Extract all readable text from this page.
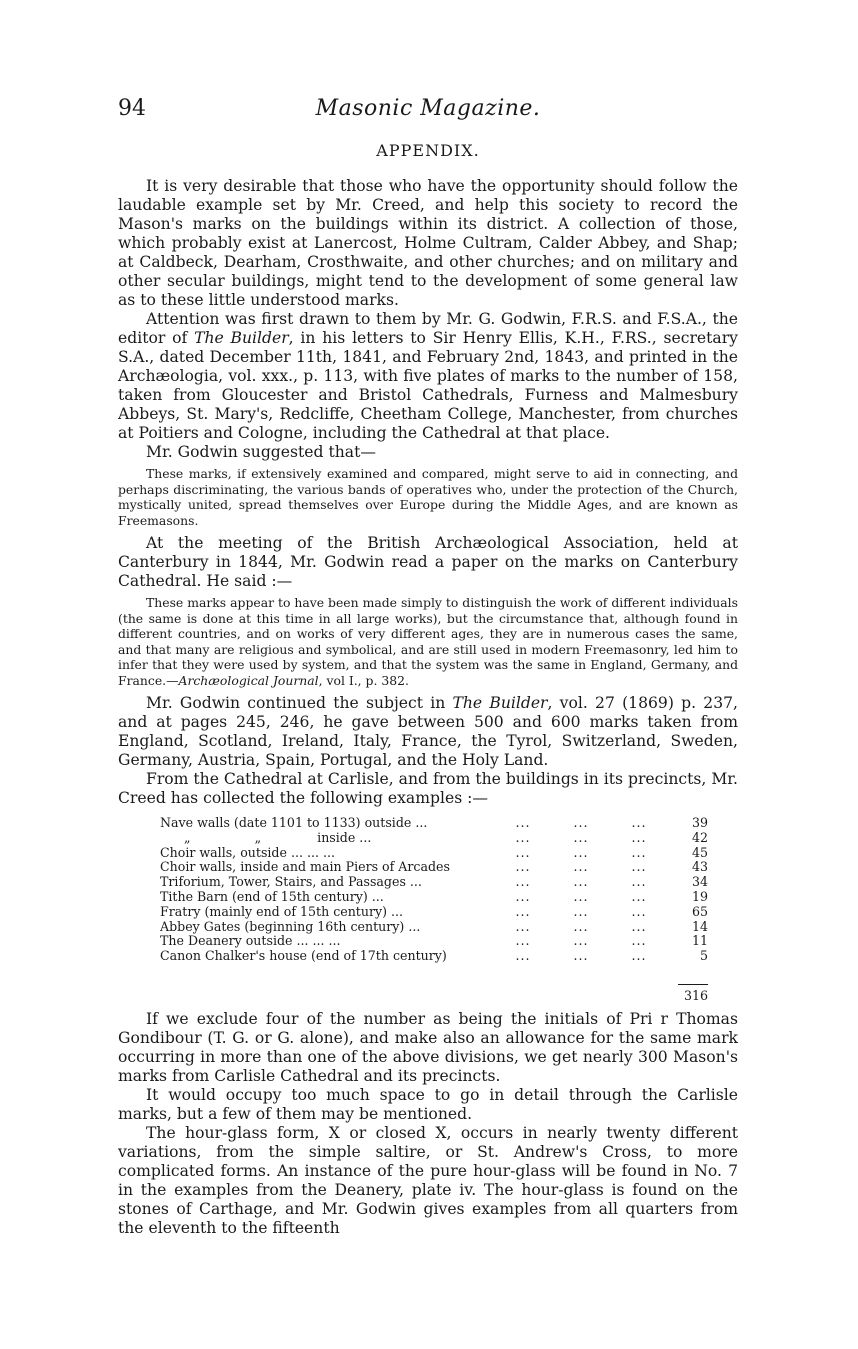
94	Masonic Magazine.
APPENDIX.

It is very desirable that those who have the opportunity should follow the laudable example set by Mr. Creed, and help this society to record the Mason's marks on the buildings within its district. A collection of those, which probably exist at Lanercost, Holme Cultram, Calder Abbey, and Shap; at Caldbeck, Dearham, Crosthwaite, and other churches; and on military and other secular buildings, might tend to the development of some general law as to these little understood marks.

Attention was first drawn to them by Mr. G. Godwin, F.R.S. and F.S.A., the editor of The Builder, in his letters to Sir Henry Ellis, K.H., F.RS., secretary S.A., dated December 11th, 1841, and February 2nd, 1843, and printed in the Archæologia, vol. xxx., p. 113, with five plates of marks to the number of 158, taken from Gloucester and Bristol Cathedrals, Furness and Malmesbury Abbeys, St. Mary's, Redcliffe, Cheetham College, Manchester, from churches at Poitiers and Cologne, including the Cathedral at that place.

Mr. Godwin suggested that—

These marks, if extensively examined and compared, might serve to aid in connecting, and perhaps discriminating, the various bands of operatives who, under the protection of the Church, mystically united, spread themselves over Europe during the Middle Ages, and are known as Freemasons.

At the meeting of the British Archæological Association, held at Canterbury in 1844, Mr. Godwin read a paper on the marks on Canterbury Cathedral. He said :—

These marks appear to have been made simply to distinguish the work of different individuals (the same is done at this time in all large works), but the circumstance that, although found in different countries, and on works of very different ages, they are in numerous cases the same, and that many are religious and symbolical, and are still used in modern Freemasonry, led him to infer that they were used by system, and that the system was the same in England, Germany, and France.—Archæological Journal, vol I., p. 382.

Mr. Godwin continued the subject in The Builder, vol. 27 (1869) p. 237, and at pages 245, 246, he gave between 500 and 600 marks taken from England, Scotland, Ireland, Italy, France, the Tyrol, Switzerland, Sweden, Germany, Austria, Spain, Portugal, and the Holy Land.

From the Cathedral at Carlisle, and from the buildings in its precincts, Mr. Creed has collected the following examples :—

Nave walls (date 1101 to 1133) outside ...	...	...	...	39
„                „              inside ...	...	...	...	42
Choir walls, outside ... ... ...	...	...	...	45
Choir walls, inside and main Piers of Arcades	...	...	...	43
Triforium, Tower, Stairs, and Passages ...	...	...	...	34
Tithe Barn (end of 15th century) ...	...	...	...	19
Fratry (mainly end of 15th century) ...	...	...	...	65
Abbey Gates (beginning 16th century) ...	...	...	...	14
The Deanery outside ... ... ...	...	...	...	11
Canon Chalker's house (end of 17th century)	...	...	...	5

316

If we exclude four of the number as being the initials of Pri r Thomas Gondibour (T. G. or G. alone), and make also an allowance for the same mark occurring in more than one of the above divisions, we get nearly 300 Mason's marks from Carlisle Cathedral and its precincts.

It would occupy too much space to go in detail through the Carlisle marks, but a few of them may be mentioned.

The hour-glass form, X or closed X, occurs in nearly twenty different variations, from the simple saltire, or St. Andrew's Cross, to more complicated forms. An instance of the pure hour-glass will be found in No. 7 in the examples from the Deanery, plate iv. The hour-glass is found on the stones of Carthage, and Mr. Godwin gives examples from all quarters from the eleventh to the fifteenth
